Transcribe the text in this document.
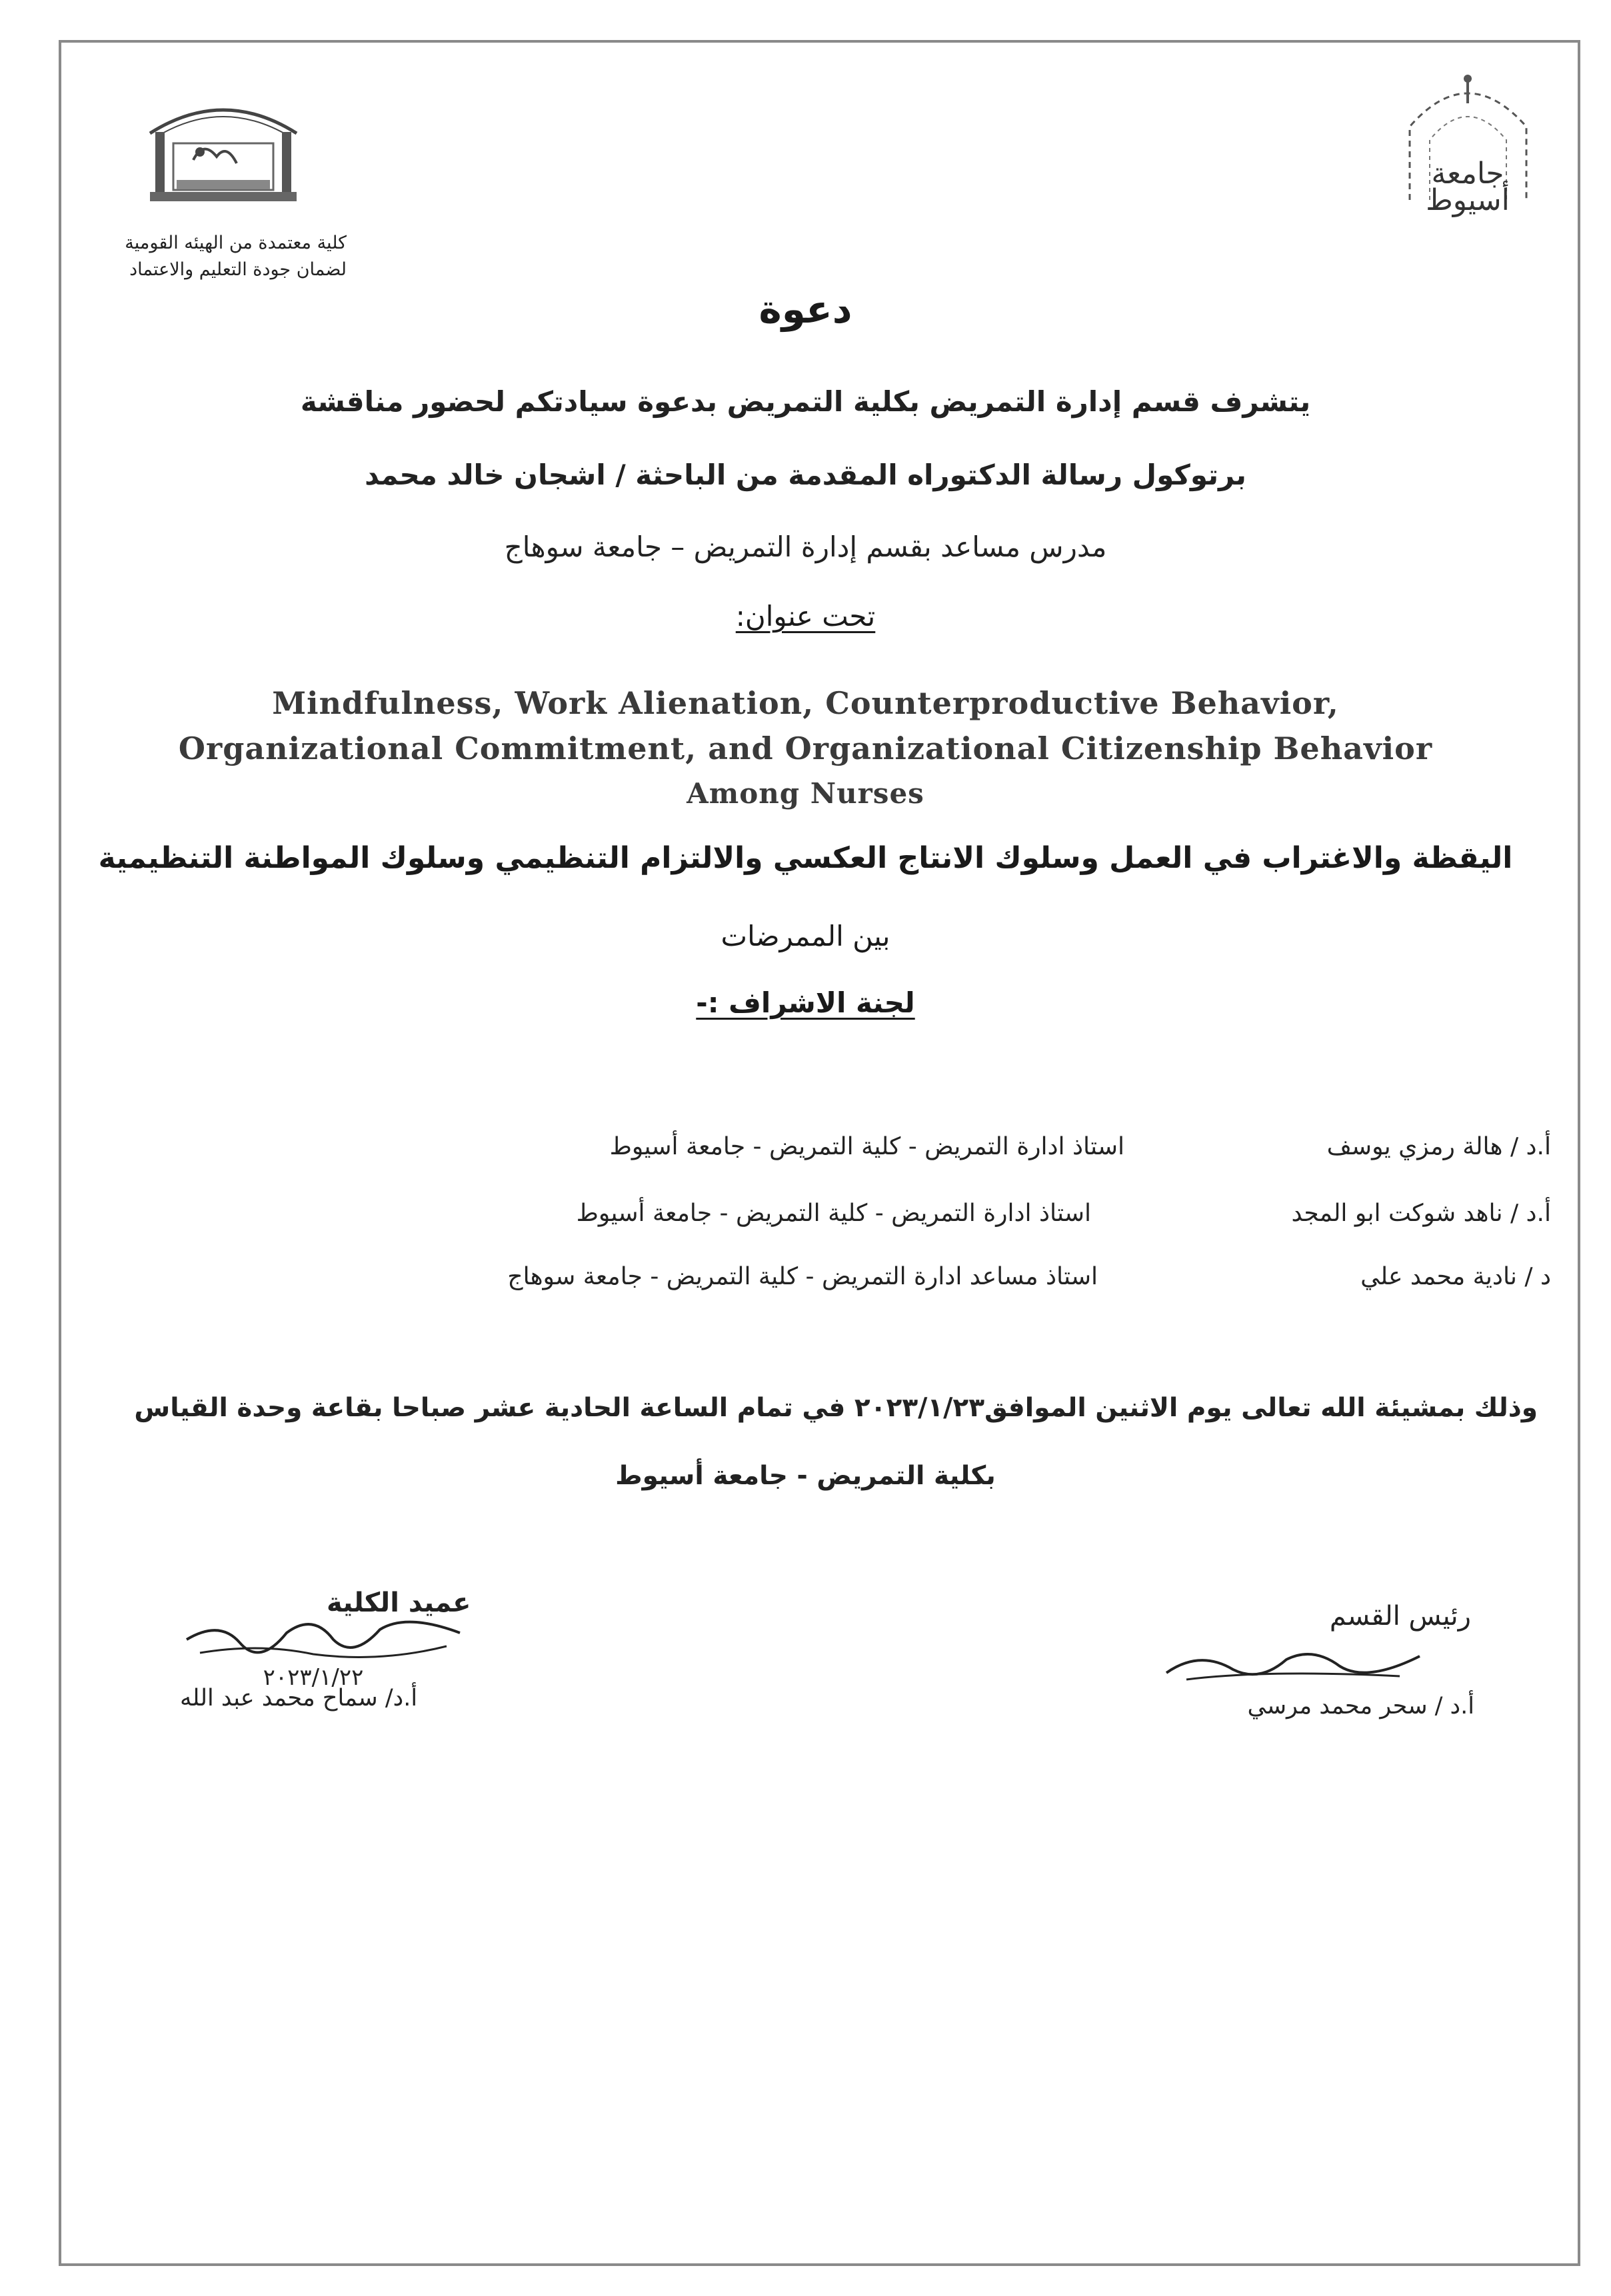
كلية معتمدة من الهيئه القومية
لضمان جودة التعليم والاعتماد
جامعة
أسيوط
دعوة
يتشرف قسم إدارة التمريض بكلية التمريض بدعوة سيادتكم لحضور مناقشة
برتوكول رسالة الدكتوراه المقدمة من الباحثة / اشجان خالد محمد
مدرس مساعد بقسم إدارة التمريض – جامعة سوهاج
تحت عنوان:
Mindfulness, Work Alienation, Counterproductive Behavior,
Organizational Commitment, and Organizational Citizenship Behavior
Among Nurses
اليقظة والاغتراب في العمل وسلوك الانتاج العكسي والالتزام التنظيمي وسلوك المواطنة التنظيمية
بين الممرضات
لجنة الاشراف :-
أ.د / هالة رمزي يوسف
استاذ ادارة التمريض - كلية التمريض - جامعة أسيوط
أ.د / ناهد شوكت ابو المجد
استاذ ادارة التمريض - كلية التمريض - جامعة أسيوط
د / نادية محمد علي
استاذ مساعد ادارة التمريض - كلية التمريض - جامعة سوهاج
وذلك بمشيئة الله تعالى يوم الاثنين الموافق٢٠٢٣/١/٢٣ في تمام الساعة الحادية عشر صباحا بقاعة وحدة القياس
بكلية التمريض - جامعة أسيوط
عميد الكلية
٢٠٢٣/١/٢٢
أ.د/ سماح محمد عبد الله
رئيس القسم
أ.د / سحر محمد مرسي
